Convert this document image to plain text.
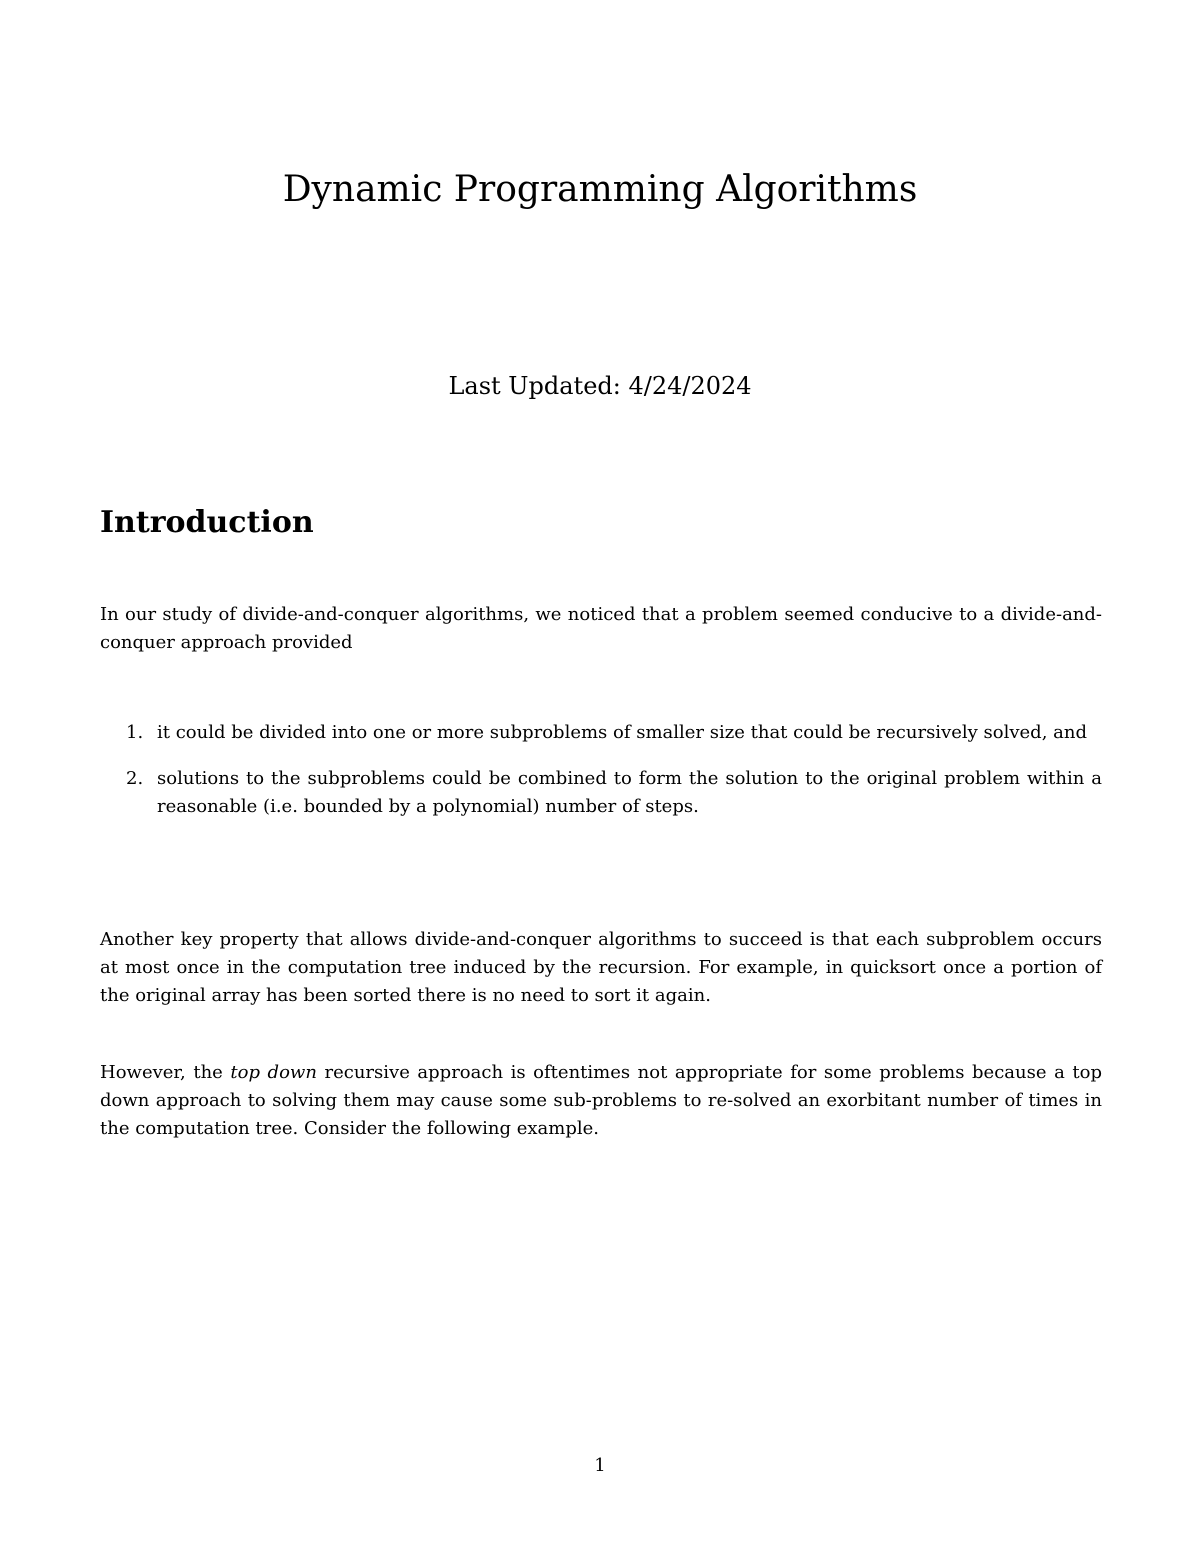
Dynamic Programming Algorithms
Last Updated: 4/24/2024
Introduction

In our study of divide-and-conquer algorithms, we noticed that a problem seemed conducive to a divide-and-conquer approach provided

1. it could be divided into one or more subproblems of smaller size that could be recursively solved, and
2. solutions to the subproblems could be combined to form the solution to the original problem within a reasonable (i.e. bounded by a polynomial) number of steps.

Another key property that allows divide-and-conquer algorithms to succeed is that each subproblem occurs at most once in the computation tree induced by the recursion. For example, in quicksort once a portion of the original array has been sorted there is no need to sort it again.

However, the top down recursive approach is oftentimes not appropriate for some problems because a top down approach to solving them may cause some sub-problems to re-solved an exorbitant number of times in the computation tree. Consider the following example.

1
